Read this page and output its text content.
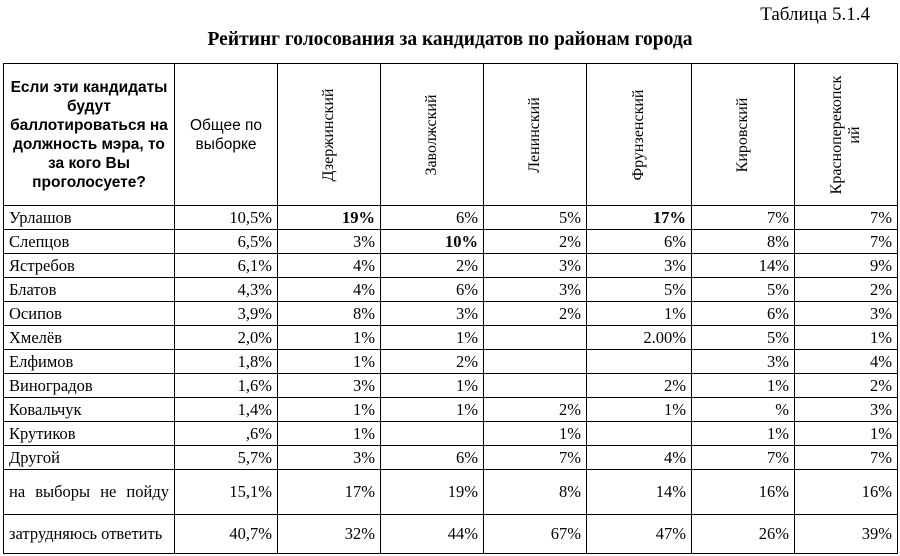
Таблица 5.1.4
Рейтинг голосования за кандидатов по районам города
Если эти кандидаты будут баллотироваться на должность мэра, то за кого Вы проголосуете?	Общее по выборке	Дзержинский	Заволжский	Ленинский	Фрунзенский	Кировский	Красноперекопский

Урлашов	10,5%	19%	6%	5%	17%	7%	7%
Слепцов	6,5%	3%	10%	2%	6%	8%	7%
Ястребов	6,1%	4%	2%	3%	3%	14%	9%
Блатов	4,3%	4%	6%	3%	5%	5%	2%
Осипов	3,9%	8%	3%	2%	1%	6%	3%
Хмелёв	2,0%	1%	1%		2.00%	5%	1%
Елфимов	1,8%	1%	2%			3%	4%
Виноградов	1,6%	3%	1%		2%	1%	2%
Ковальчук	1,4%	1%	1%	2%	1%	%	3%
Крутиков	,6%	1%		1%		1%	1%
Другой	5,7%	3%	6%	7%	4%	7%	7%

на выборы не пойду	15,1%	17%	19%	8%	14%	16%	16%
затрудняюсь ответить	40,7%	32%	44%	67%	47%	26%	39%
